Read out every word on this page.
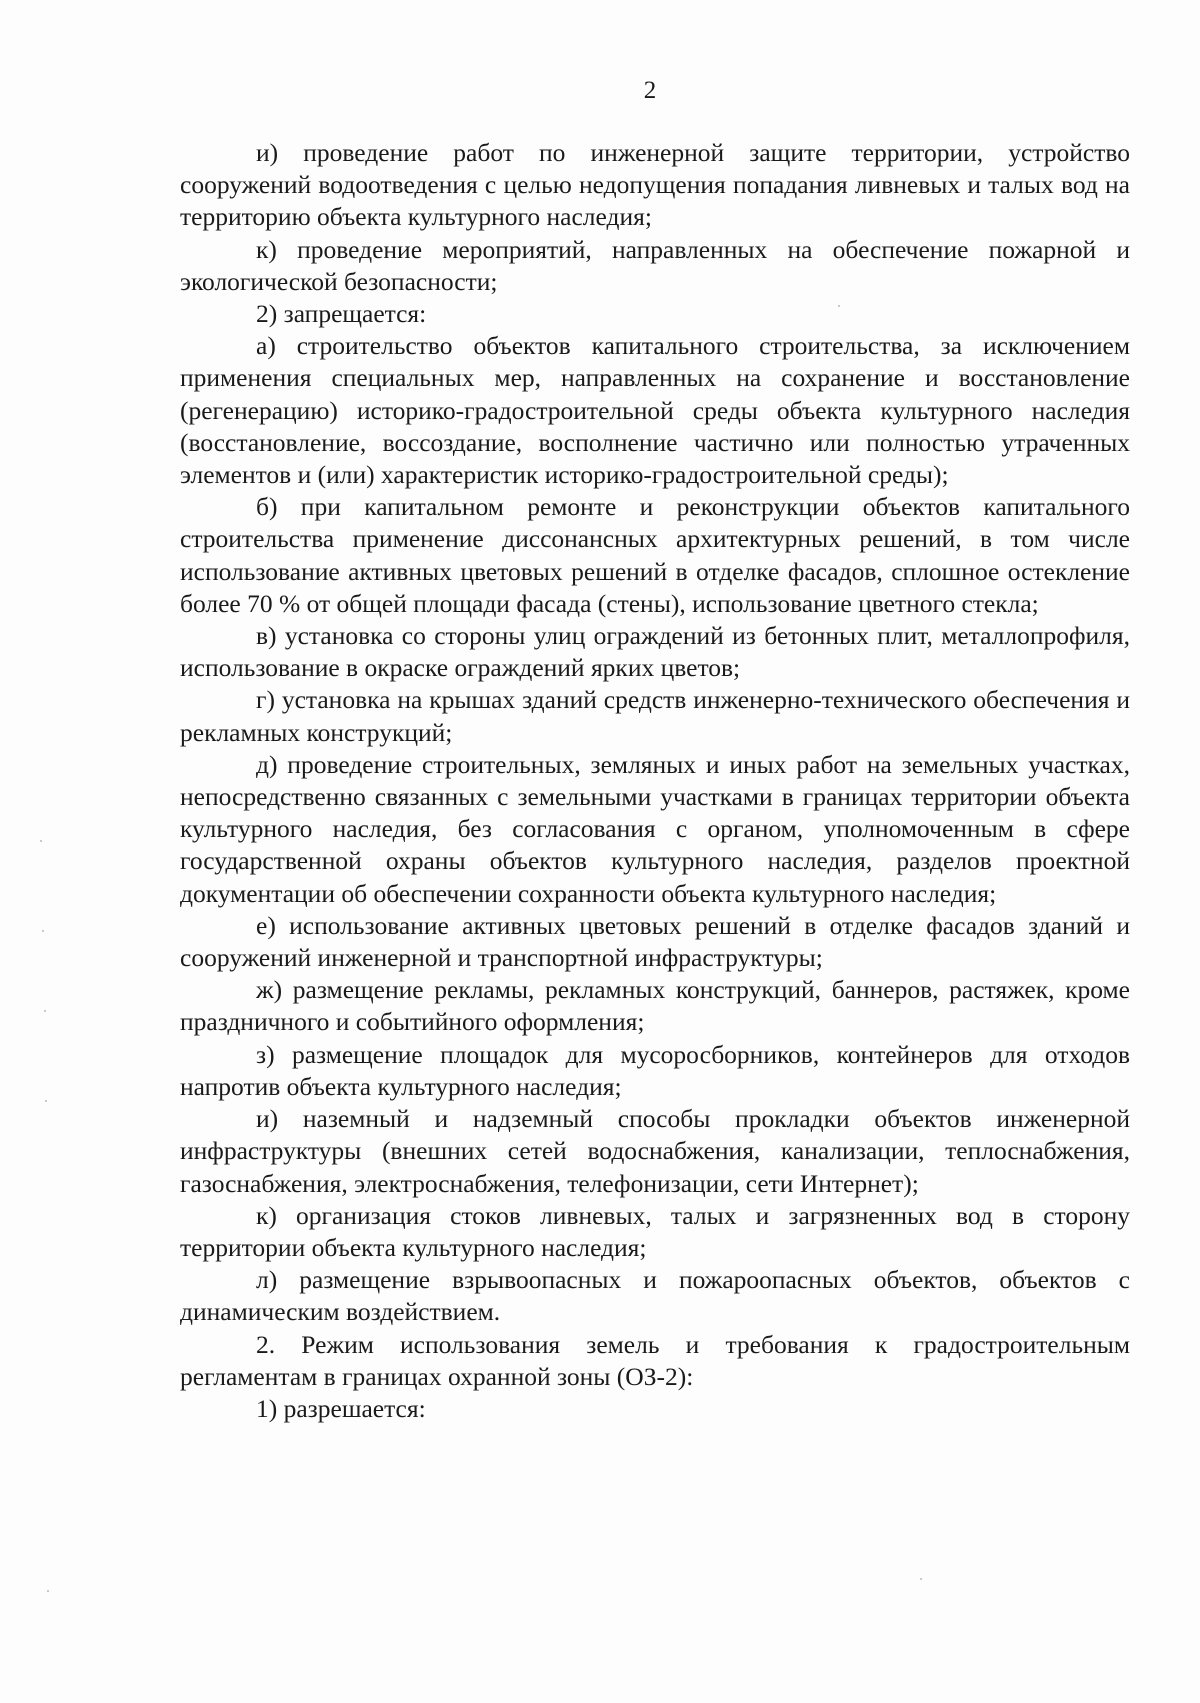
2

и) проведение работ по инженерной защите территории, устройство сооружений водоотведения с целью недопущения попадания ливневых и талых вод на территорию объекта культурного наследия;

к) проведение мероприятий, направленных на обеспечение пожарной и экологической безопасности;

2) запрещается:

а) строительство объектов капитального строительства, за исключением применения специальных мер, направленных на сохранение и восстановление (регенерацию) историко-градостроительной среды объекта культурного наследия (восстановление, воссоздание, восполнение частично или полностью утраченных элементов и (или) характеристик историко-градостроительной среды);

б) при капитальном ремонте и реконструкции объектов капитального строительства применение диссонансных архитектурных решений, в том числе использование активных цветовых решений в отделке фасадов, сплошное остекление более 70 % от общей площади фасада (стены), использование цветного стекла;

в) установка со стороны улиц ограждений из бетонных плит, металлопрофиля, использование в окраске ограждений ярких цветов;

г) установка на крышах зданий средств инженерно-технического обеспечения и рекламных конструкций;

д) проведение строительных, земляных и иных работ на земельных участках, непосредственно связанных с земельными участками в границах территории объекта культурного наследия, без согласования с органом, уполномоченным в сфере государственной охраны объектов культурного наследия, разделов проектной документации об обеспечении сохранности объекта культурного наследия;

е) использование активных цветовых решений в отделке фасадов зданий и сооружений инженерной и транспортной инфраструктуры;

ж) размещение рекламы, рекламных конструкций, баннеров, растяжек, кроме праздничного и событийного оформления;

з) размещение площадок для мусоросборников, контейнеров для отходов напротив объекта культурного наследия;

и) наземный и надземный способы прокладки объектов инженерной инфраструктуры (внешних сетей водоснабжения, канализации, теплоснабжения, газоснабжения, электроснабжения, телефонизации, сети Интернет);

к) организация стоков ливневых, талых и загрязненных вод в сторону территории объекта культурного наследия;

л) размещение взрывоопасных и пожароопасных объектов, объектов с динамическим воздействием.

2. Режим использования земель и требования к градостроительным регламентам в границах охранной зоны (ОЗ-2):

1) разрешается:
